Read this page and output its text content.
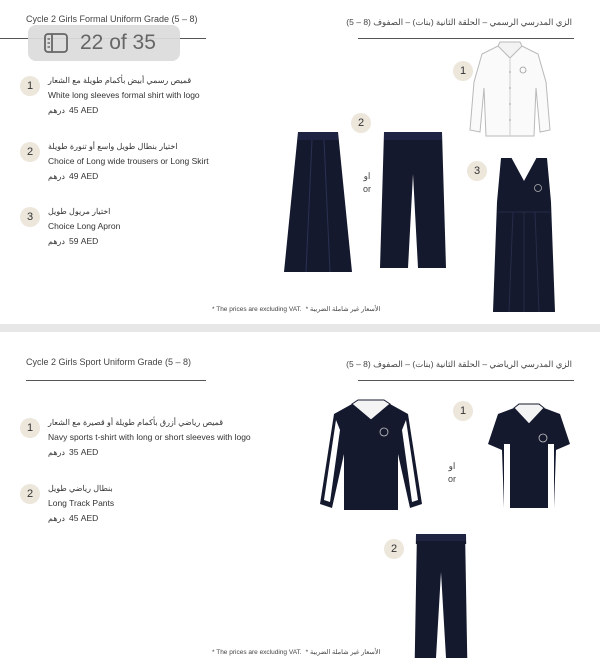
Cycle 2 Girls Formal Uniform Grade (5 – 8)	الزي المدرسي الرسمي – الحلقة الثانية (بنات) – الصفوف (8 – 5)
1	قميص رسمي أبيض بأكمام طويلة مع الشعار
White long sleeves formal shirt with logo
درهم 45 AED
2	اختيار بنطال طويل واسع أو تنورة طويلة
Choice of Long wide trousers or Long Skirt
درهم 49 AED
3	اختيار مريول طويل
Choice Long Apron
درهم 59 AED
1
2
3
او
or
* The prices are excluding VAT. الأسعار غير شاملة الضريبة *
22 of 35
Cycle 2 Girls Sport Uniform Grade (5 – 8)	الزي المدرسي الرياضي – الحلقة الثانية (بنات) – الصفوف (8 – 5)
1	قميص رياضي أزرق بأكمام طويلة أو قصيرة مع الشعار
Navy sports t-shirt with long or short sleeves with logo
درهم 35 AED
2	بنطال رياضي طويل
Long Track Pants
درهم 45 AED
1
2
او
or
* The prices are excluding VAT. الأسعار غير شاملة الضريبة *
